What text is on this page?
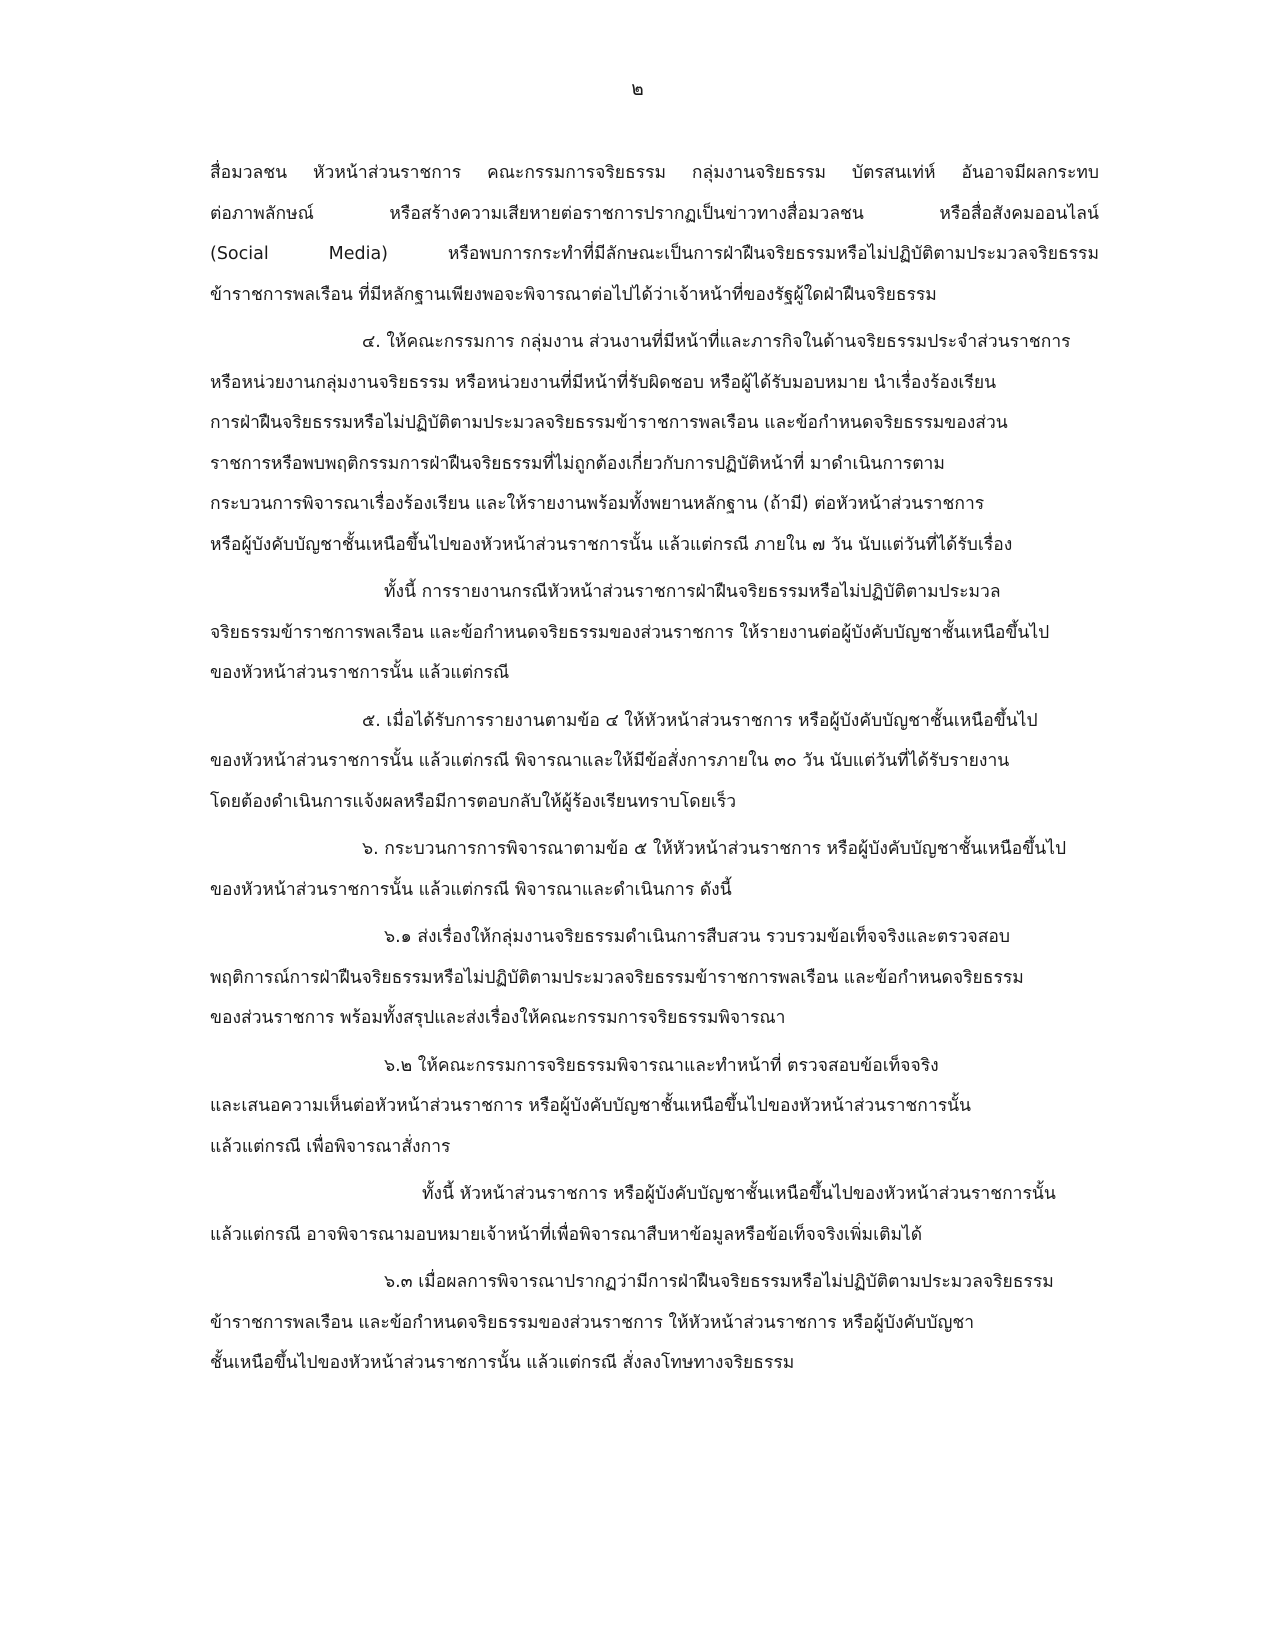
๒
สื่อมวลชน หัวหน้าส่วนราชการ คณะกรรมการจริยธรรม กลุ่มงานจริยธรรม บัตรสนเท่ห์ อันอาจมีผลกระทบ
ต่อภาพลักษณ์ หรือสร้างความเสียหายต่อราชการปรากฏเป็นข่าวทางสื่อมวลชน หรือสื่อสังคมออนไลน์
(Social Media) หรือพบการกระทำที่มีลักษณะเป็นการฝ่าฝืนจริยธรรมหรือไม่ปฏิบัติตามประมวลจริยธรรม
ข้าราชการพลเรือน ที่มีหลักฐานเพียงพอจะพิจารณาต่อไปได้ว่าเจ้าหน้าที่ของรัฐผู้ใดฝ่าฝืนจริยธรรม
๔. ให้คณะกรรมการ กลุ่มงาน ส่วนงานที่มีหน้าที่และภารกิจในด้านจริยธรรมประจำส่วนราชการ
หรือหน่วยงานกลุ่มงานจริยธรรม หรือหน่วยงานที่มีหน้าที่รับผิดชอบ หรือผู้ได้รับมอบหมาย นำเรื่องร้องเรียน
การฝ่าฝืนจริยธรรมหรือไม่ปฏิบัติตามประมวลจริยธรรมข้าราชการพลเรือน และข้อกำหนดจริยธรรมของส่วน
ราชการหรือพบพฤติกรรมการฝ่าฝืนจริยธรรมที่ไม่ถูกต้องเกี่ยวกับการปฏิบัติหน้าที่ มาดำเนินการตาม
กระบวนการพิจารณาเรื่องร้องเรียน และให้รายงานพร้อมทั้งพยานหลักฐาน (ถ้ามี) ต่อหัวหน้าส่วนราชการ
หรือผู้บังคับบัญชาชั้นเหนือขึ้นไปของหัวหน้าส่วนราชการนั้น แล้วแต่กรณี ภายใน ๗ วัน นับแต่วันที่ได้รับเรื่อง
ทั้งนี้ การรายงานกรณีหัวหน้าส่วนราชการฝ่าฝืนจริยธรรมหรือไม่ปฏิบัติตามประมวล
จริยธรรมข้าราชการพลเรือน และข้อกำหนดจริยธรรมของส่วนราชการ ให้รายงานต่อผู้บังคับบัญชาชั้นเหนือขึ้นไป
ของหัวหน้าส่วนราชการนั้น แล้วแต่กรณี
๕. เมื่อได้รับการรายงานตามข้อ ๔ ให้หัวหน้าส่วนราชการ หรือผู้บังคับบัญชาชั้นเหนือขึ้นไป
ของหัวหน้าส่วนราชการนั้น แล้วแต่กรณี พิจารณาและให้มีข้อสั่งการภายใน ๓๐ วัน นับแต่วันที่ได้รับรายงาน
โดยต้องดำเนินการแจ้งผลหรือมีการตอบกลับให้ผู้ร้องเรียนทราบโดยเร็ว
๖. กระบวนการการพิจารณาตามข้อ ๕ ให้หัวหน้าส่วนราชการ หรือผู้บังคับบัญชาชั้นเหนือขึ้นไป
ของหัวหน้าส่วนราชการนั้น แล้วแต่กรณี พิจารณาและดำเนินการ ดังนี้
๖.๑ ส่งเรื่องให้กลุ่มงานจริยธรรมดำเนินการสืบสวน รวบรวมข้อเท็จจริงและตรวจสอบ
พฤติการณ์การฝ่าฝืนจริยธรรมหรือไม่ปฏิบัติตามประมวลจริยธรรมข้าราชการพลเรือน และข้อกำหนดจริยธรรม
ของส่วนราชการ พร้อมทั้งสรุปและส่งเรื่องให้คณะกรรมการจริยธรรมพิจารณา
๖.๒ ให้คณะกรรมการจริยธรรมพิจารณาและทำหน้าที่ ตรวจสอบข้อเท็จจริง
และเสนอความเห็นต่อหัวหน้าส่วนราชการ หรือผู้บังคับบัญชาชั้นเหนือขึ้นไปของหัวหน้าส่วนราชการนั้น
แล้วแต่กรณี เพื่อพิจารณาสั่งการ
ทั้งนี้ หัวหน้าส่วนราชการ หรือผู้บังคับบัญชาชั้นเหนือขึ้นไปของหัวหน้าส่วนราชการนั้น
แล้วแต่กรณี อาจพิจารณามอบหมายเจ้าหน้าที่เพื่อพิจารณาสืบหาข้อมูลหรือข้อเท็จจริงเพิ่มเติมได้
๖.๓ เมื่อผลการพิจารณาปรากฏว่ามีการฝ่าฝืนจริยธรรมหรือไม่ปฏิบัติตามประมวลจริยธรรม
ข้าราชการพลเรือน และข้อกำหนดจริยธรรมของส่วนราชการ ให้หัวหน้าส่วนราชการ หรือผู้บังคับบัญชา
ชั้นเหนือขึ้นไปของหัวหน้าส่วนราชการนั้น แล้วแต่กรณี สั่งลงโทษทางจริยธรรม
